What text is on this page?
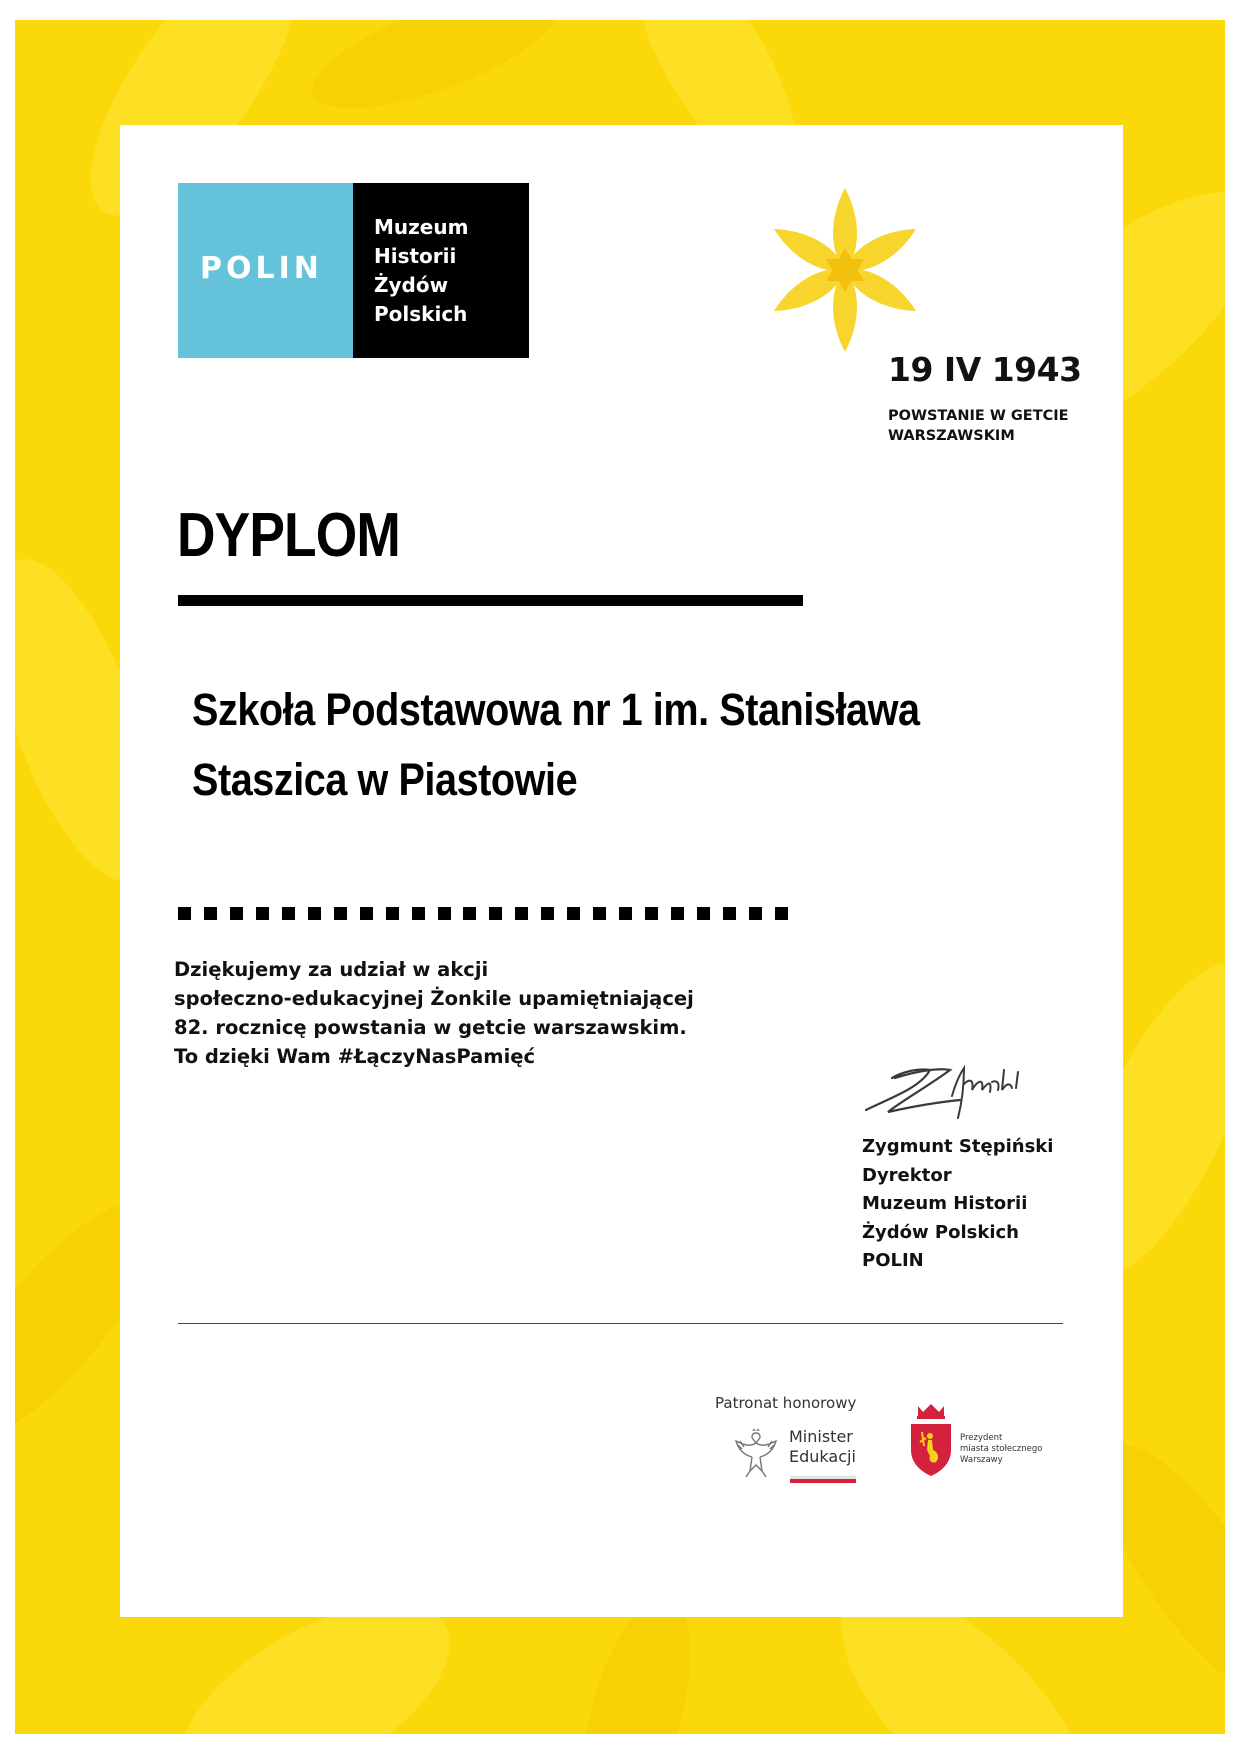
POLIN
Muzeum
Historii
Żydów
Polskich
19 IV 1943
POWSTANIE W GETCIE
WARSZAWSKIM
DYPLOM
Szkoła Podstawowa nr 1 im. Stanisława
Staszica w Piastowie
Dziękujemy za udział w akcji
społeczno-edukacyjnej Żonkile upamiętniającej
82. rocznicę powstania w getcie warszawskim.
To dzięki Wam #ŁączyNasPamięć
Zygmunt Stępiński
Dyrektor
Muzeum Historii
Żydów Polskich
POLIN
Patronat honorowy
Minister
Edukacji
Prezydent
miasta stołecznego
Warszawy
